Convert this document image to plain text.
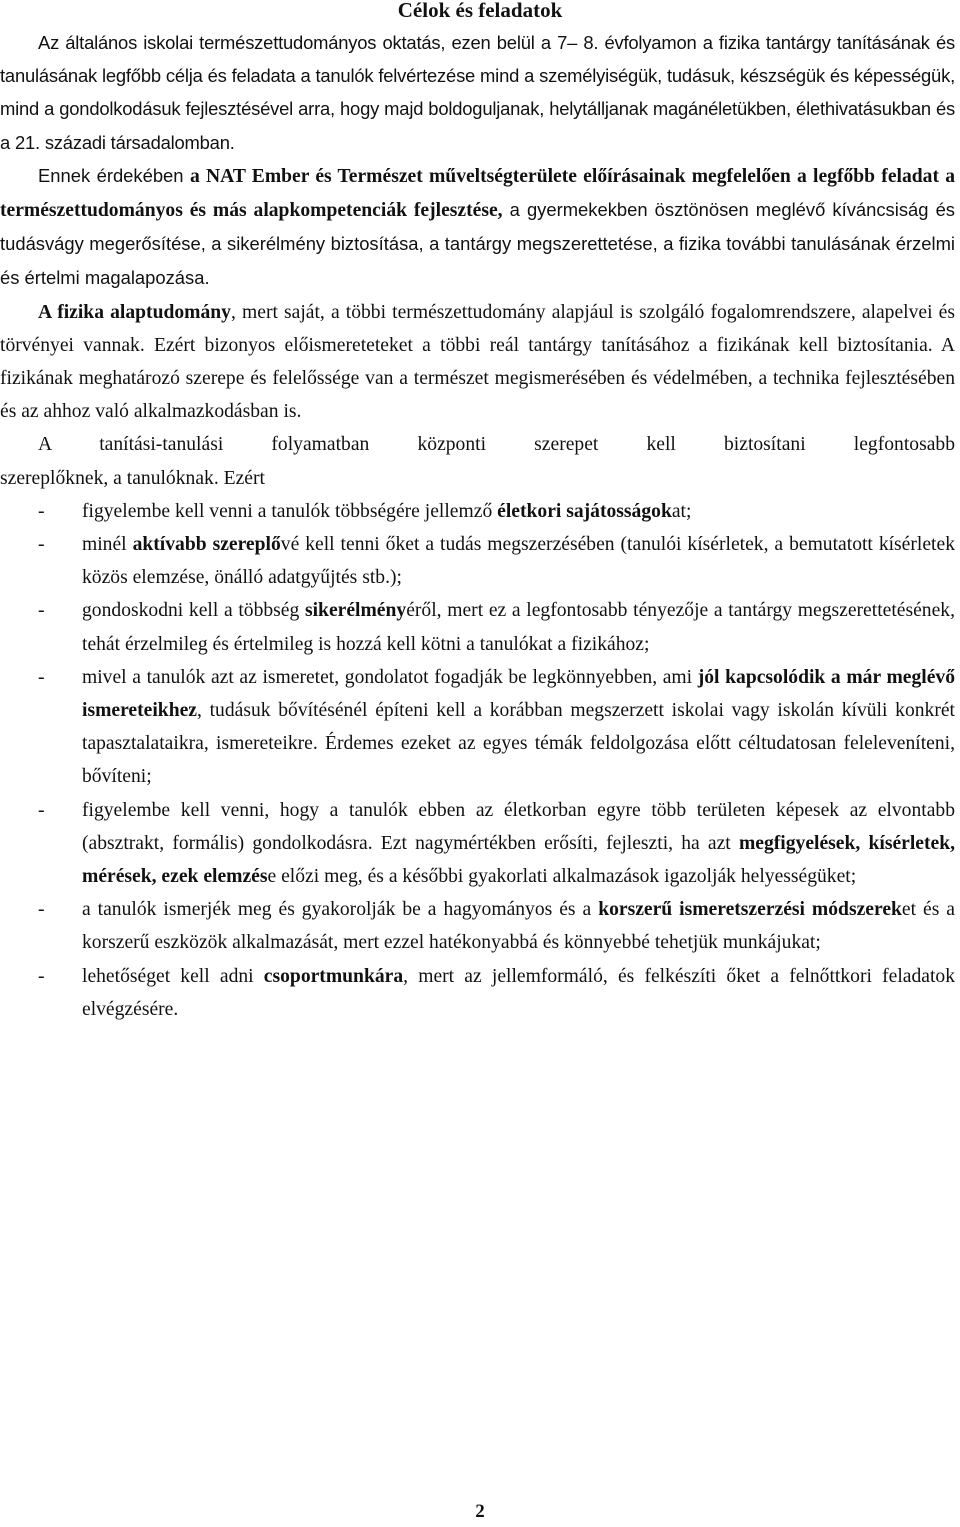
Célok és feladatok

Az általános iskolai természettudományos oktatás, ezen belül a 7– 8. évfolyamon a fizika tantárgy tanításának és tanulásának legfőbb célja és feladata a tanulók felvértezése mind a személyiségük, tudásuk, készségük és képességük, mind a gondolkodásuk fejlesztésével arra, hogy majd boldoguljanak, helytálljanak magánéletükben, élethivatásukban és a 21. századi társadalomban.

Ennek érdekében a NAT Ember és Természet műveltségterülete előírásainak megfelelően a legfőbb feladat a természettudományos és más alapkompetenciák fejlesztése, a gyermekekben ösztönösen meglévő kíváncsiság és tudásvágy megerősítése, a sikerélmény biztosítása, a tantárgy megszerettetése, a fizika további tanulásának érzelmi és értelmi magalapozása.

A fizika alaptudomány, mert saját, a többi természettudomány alapjául is szolgáló fogalomrendszere, alapelvei és törvényei vannak. Ezért bizonyos előismereteteket a többi reál tantárgy tanításához a fizikának kell biztosítania. A fizikának meghatározó szerepe és felelőssége van a természet megismerésében és védelmében, a technika fejlesztésében és az ahhoz való alkalmazkodásban is.

A tanítási-tanulási folyamatban központi szerepet kell biztosítani legfontosabb

szereplőknek, a tanulóknak. Ezért

- figyelembe kell venni a tanulók többségére jellemző életkori sajátosságokat;
- minél aktívabb szereplővé kell tenni őket a tudás megszerzésében (tanulói kísérletek, a bemutatott kísérletek közös elemzése, önálló adatgyűjtés stb.);
- gondoskodni kell a többség sikerélményéről, mert ez a legfontosabb tényezője a tantárgy megszerettetésének, tehát érzelmileg és értelmileg is hozzá kell kötni a tanulókat a fizikához;
- mivel a tanulók azt az ismeretet, gondolatot fogadják be legkönnyebben, ami jól kapcsolódik a már meglévő ismereteikhez, tudásuk bővítésénél építeni kell a korábban megszerzett iskolai vagy iskolán kívüli konkrét tapasztalataikra, ismereteikre. Érdemes ezeket az egyes témák feldolgozása előtt céltudatosan feleleveníteni, bővíteni;
- figyelembe kell venni, hogy a tanulók ebben az életkorban egyre több területen képesek az elvontabb (absztrakt, formális) gondolkodásra. Ezt nagymértékben erősíti, fejleszti, ha azt megfigyelések, kísérletek, mérések, ezek elemzése előzi meg, és a későbbi gyakorlati alkalmazások igazolják helyességüket;
- a tanulók ismerjék meg és gyakorolják be a hagyományos és a korszerű ismeretszerzési módszereket és a korszerű eszközök alkalmazását, mert ezzel hatékonyabbá és könnyebbé tehetjük munkájukat;
- lehetőséget kell adni csoportmunkára, mert az jellemformáló, és felkészíti őket a felnőttkori feladatok elvégzésére.
2
